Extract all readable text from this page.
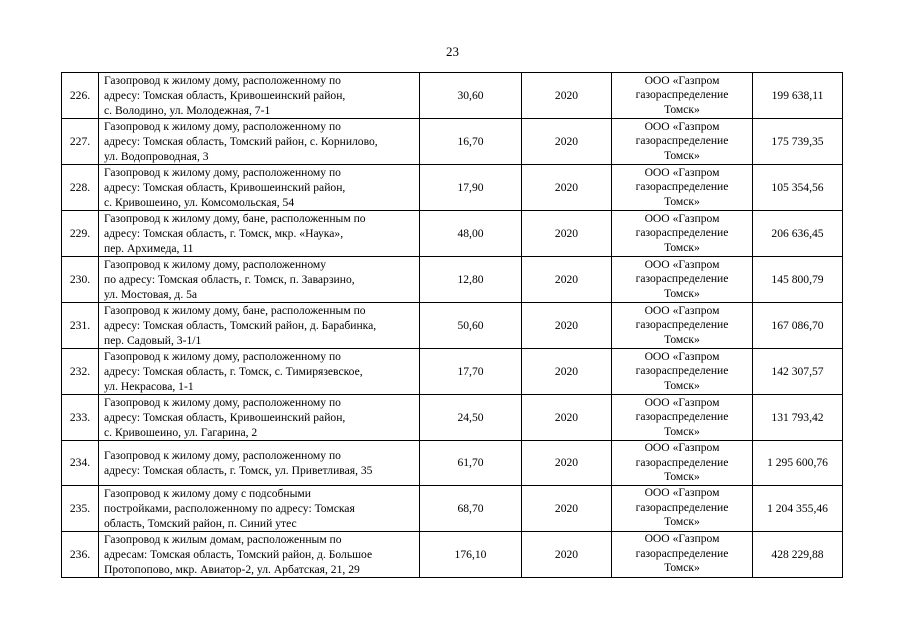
23
226.	Газопровод к жилому дому, расположенному по
адресу: Томская область, Кривошеинский район,
с. Володино, ул. Молодежная, 7-1	30,60	2020	ООО «Газпром
газораспределение
Томск»	199 638,11
227.	Газопровод к жилому дому, расположенному по
адресу: Томская область, Томский район, с. Корнилово,
ул. Водопроводная, 3	16,70	2020	ООО «Газпром
газораспределение
Томск»	175 739,35
228.	Газопровод к жилому дому, расположенному по
адресу: Томская область, Кривошеинский район,
с. Кривошеино, ул. Комсомольская, 54	17,90	2020	ООО «Газпром
газораспределение
Томск»	105 354,56
229.	Газопровод к жилому дому, бане, расположенным по
адресу: Томская область, г. Томск, мкр. «Наука»,
пер. Архимеда, 11	48,00	2020	ООО «Газпром
газораспределение
Томск»	206 636,45
230.	Газопровод к жилому дому, расположенному
по адресу: Томская область, г. Томск, п. Заварзино,
ул. Мостовая, д. 5а	12,80	2020	ООО «Газпром
газораспределение
Томск»	145 800,79
231.	Газопровод к жилому дому, бане, расположенным по
адресу: Томская область, Томский район, д. Барабинка,
пер. Садовый, 3-1/1	50,60	2020	ООО «Газпром
газораспределение
Томск»	167 086,70
232.	Газопровод к жилому дому, расположенному по
адресу: Томская область, г. Томск, с. Тимирязевское,
ул. Некрасова, 1-1	17,70	2020	ООО «Газпром
газораспределение
Томск»	142 307,57
233.	Газопровод к жилому дому, расположенному по
адресу: Томская область, Кривошеинский район,
с. Кривошеино, ул. Гагарина, 2	24,50	2020	ООО «Газпром
газораспределение
Томск»	131 793,42
234.	Газопровод к жилому дому, расположенному по
адресу: Томская область, г. Томск, ул. Приветливая, 35	61,70	2020	ООО «Газпром
газораспределение
Томск»	1 295 600,76
235.	Газопровод к жилому дому с подсобными
постройками, расположенному по адресу: Томская
область, Томский район, п. Синий утес	68,70	2020	ООО «Газпром
газораспределение
Томск»	1 204 355,46
236.	Газопровод к жилым домам, расположенным по
адресам: Томская область, Томский район, д. Большое
Протопопово, мкр. Авиатор-2, ул. Арбатская, 21, 29	176,10	2020	ООО «Газпром
газораспределение
Томск»	428 229,88
